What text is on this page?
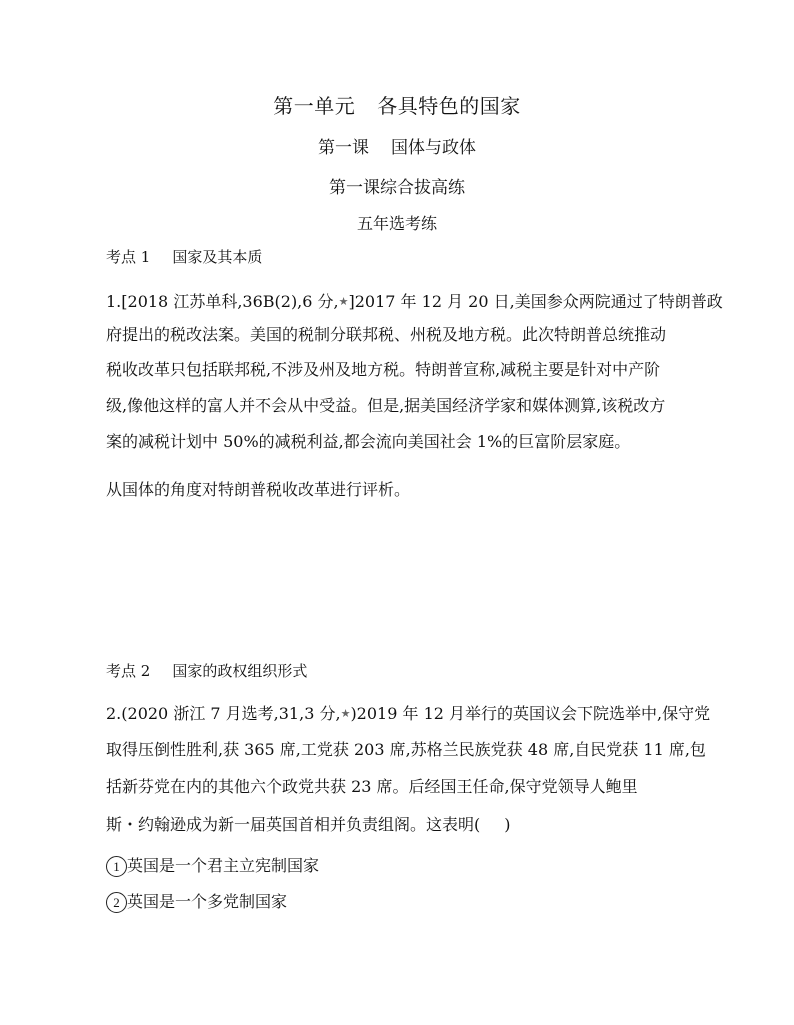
第一单元 各具特色的国家
第一课 国体与政体
第一课综合拔高练
五年选考练
考点 1 国家及其本质
1.[2018 江苏单科,36B(2),6 分,★]2017 年 12 月 20 日,美国参众两院通过了特朗普政
府提出的税改法案。美国的税制分联邦税、州税及地方税。此次特朗普总统推动
税收改革只包括联邦税,不涉及州及地方税。特朗普宣称,减税主要是针对中产阶
级,像他这样的富人并不会从中受益。但是,据美国经济学家和媒体测算,该税改方
案的减税计划中 50%的减税利益,都会流向美国社会 1%的巨富阶层家庭。
从国体的角度对特朗普税收改革进行评析。
考点 2 国家的政权组织形式
2.(2020 浙江 7 月选考,31,3 分,★)2019 年 12 月举行的英国议会下院选举中,保守党
取得压倒性胜利,获 365 席,工党获 203 席,苏格兰民族党获 48 席,自民党获 11 席,包
括新芬党在内的其他六个政党共获 23 席。后经国王任命,保守党领导人鲍里
斯・约翰逊成为新一届英国首相并负责组阁。这表明( )
1 英国是一个君主立宪制国家
2 英国是一个多党制国家
